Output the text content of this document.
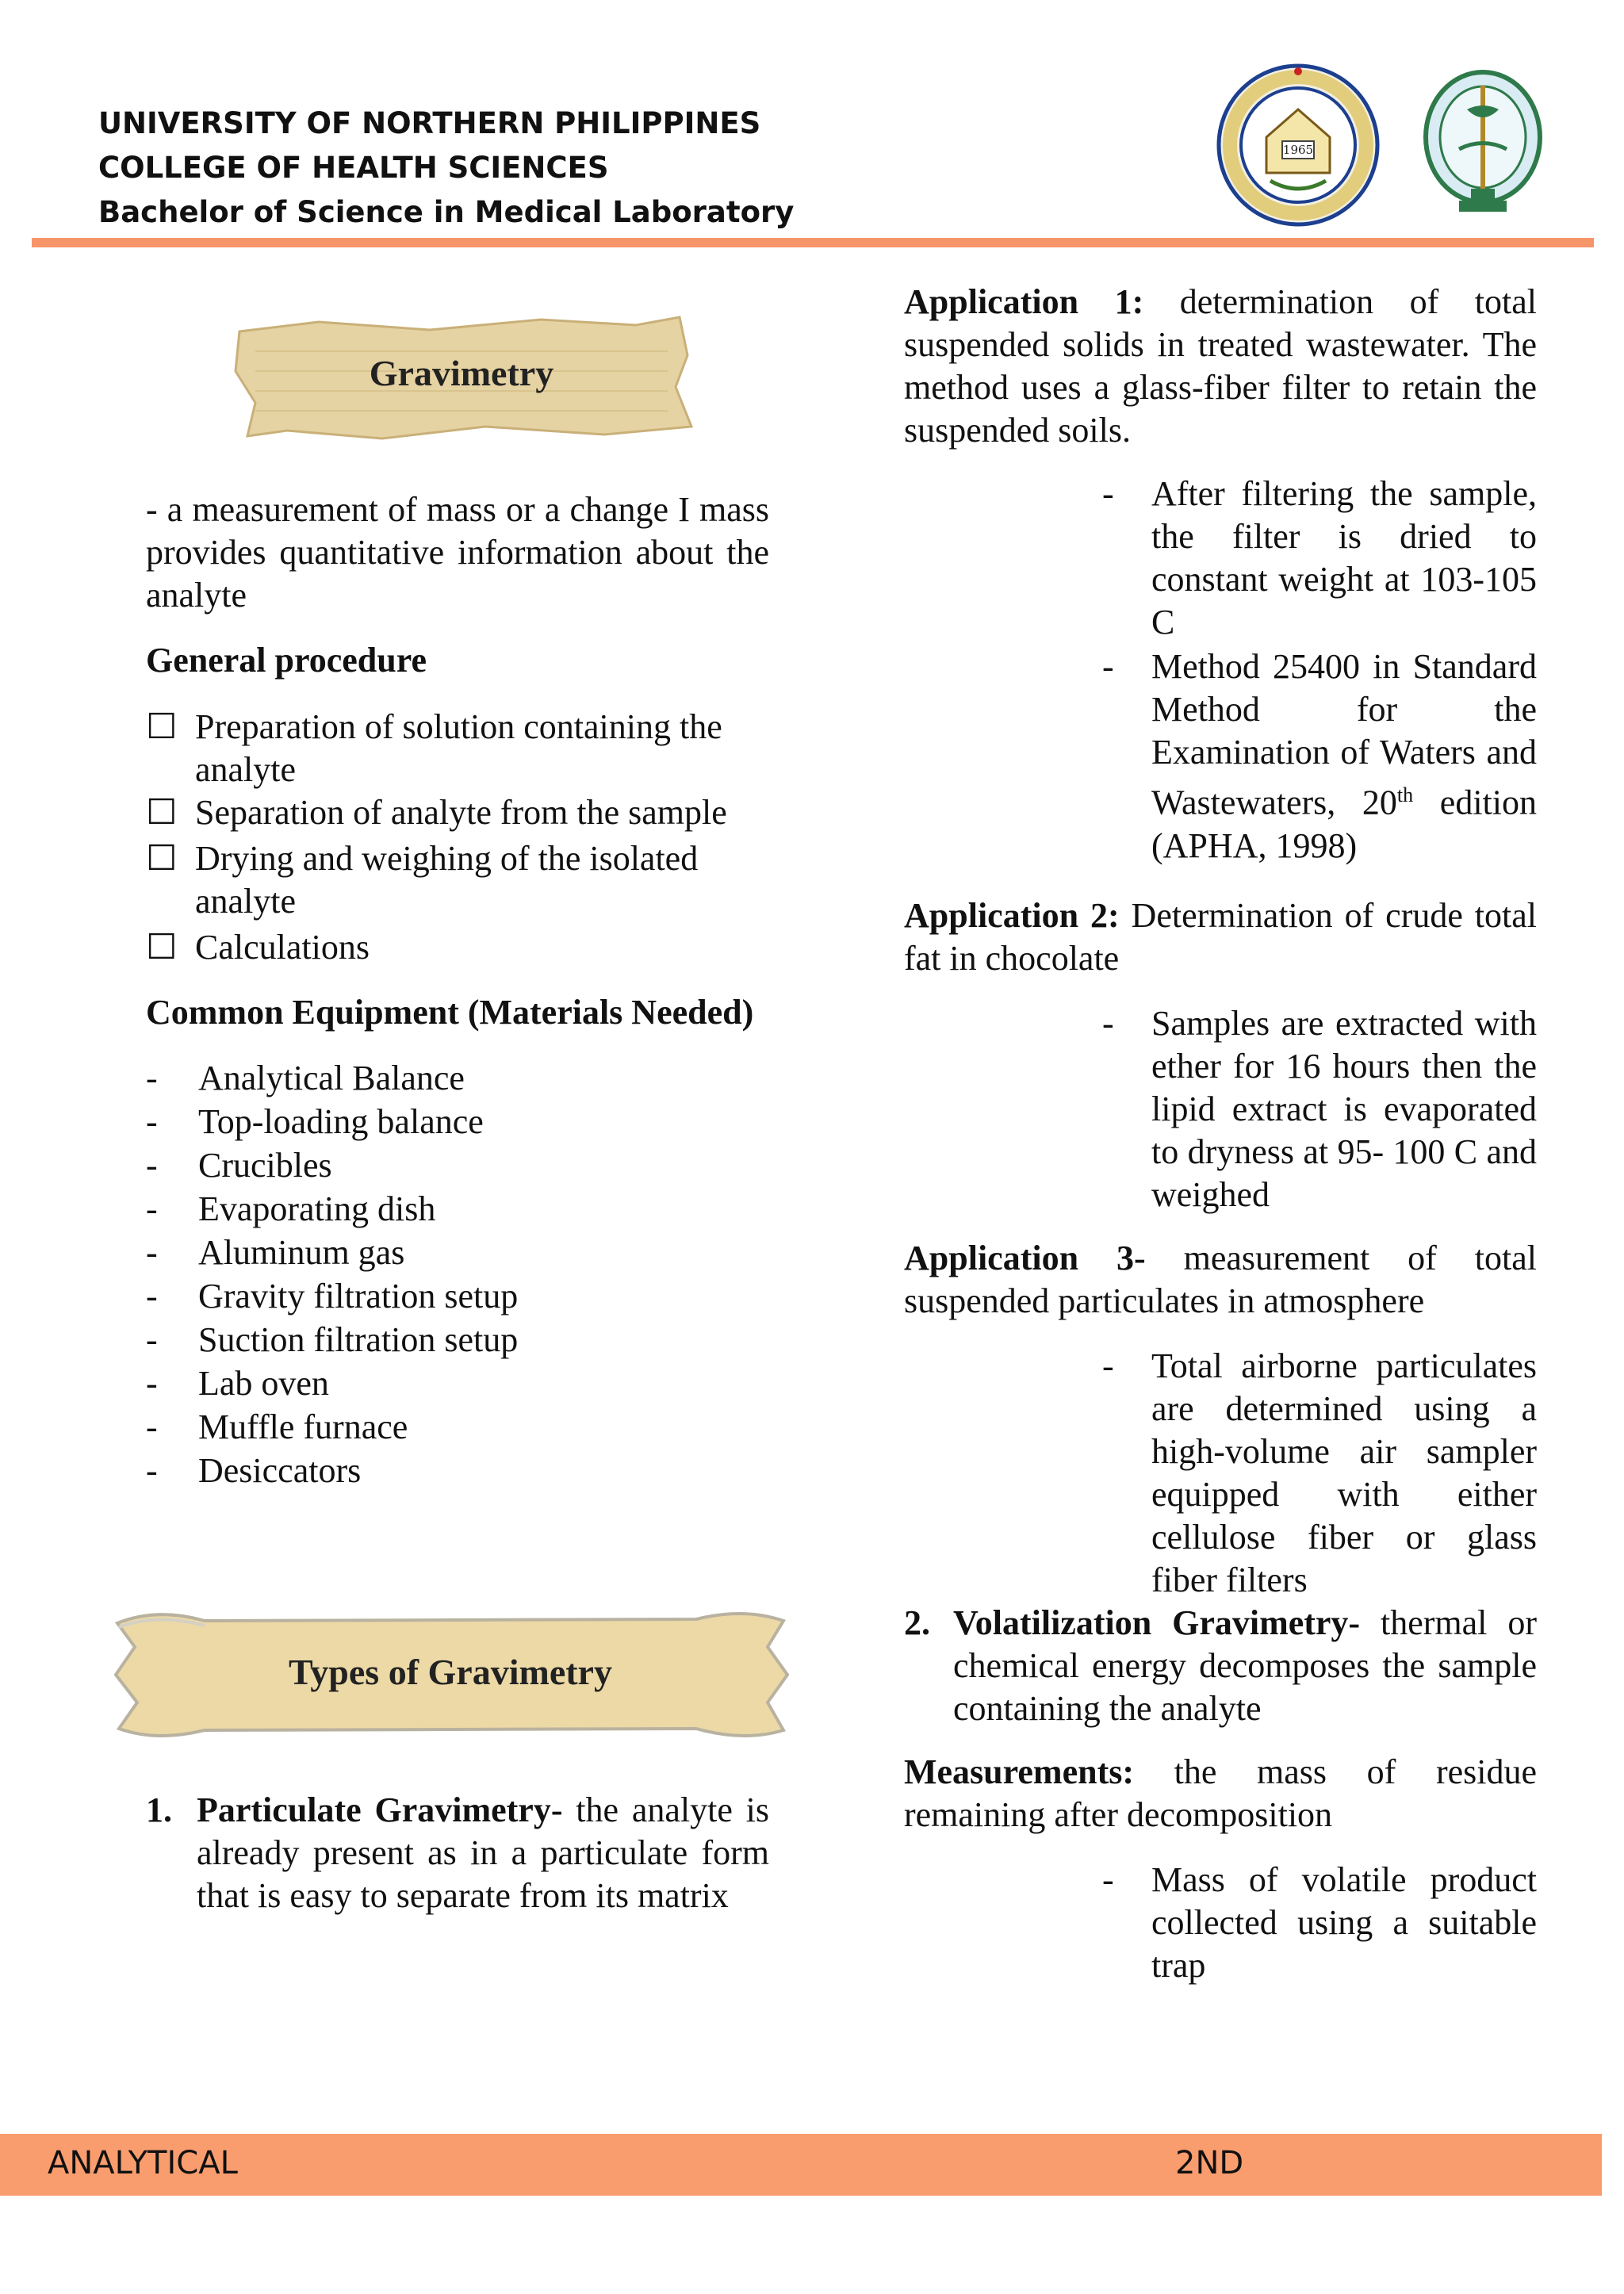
UNIVERSITY OF NORTHERN PHILIPPINES
COLLEGE OF HEALTH SCIENCES
Bachelor of Science in Medical Laboratory
1965
Gravimetry

- a measurement of mass or a change I mass provides quantitative information about the analyte

General procedure
☐ Preparation of solution containing the analyte
☐ Separation of analyte from the sample
☐ Drying and weighing of the isolated analyte
☐ Calculations

Common Equipment (Materials Needed)

- Analytical Balance
- Top-loading balance
- Crucibles
- Evaporating dish
- Aluminum gas
- Gravity filtration setup
- Suction filtration setup
- Lab oven
- Muffle furnace
- Desiccators
Types of Gravimetry
1. Particulate Gravimetry- the analyte is already present as in a particulate form that is easy to separate from its matrix

Application 1: determination of total suspended solids in treated wastewater. The method uses a glass-fiber filter to retain the suspended soils.

- After filtering the sample, the filter is dried to constant weight at 103-105 C

- Method 25400 in Standard Method for the Examination of Waters and Wastewaters, 20th edition (APHA, 1998)

Application 2: Determination of crude total fat in chocolate

- Samples are extracted with ether for 16 hours then the lipid extract is evaporated to dryness at 95- 100 C and weighed

Application 3- measurement of total suspended particulates in atmosphere

- Total airborne particulates are determined using a high-volume air sampler equipped with either cellulose fiber or glass fiber filters

2. Volatilization Gravimetry- thermal or chemical energy decomposes the sample containing the analyte

Measurements: the mass of residue remaining after decomposition

- Mass of volatile product collected using a suitable trap

ANALYTICAL	2ND
